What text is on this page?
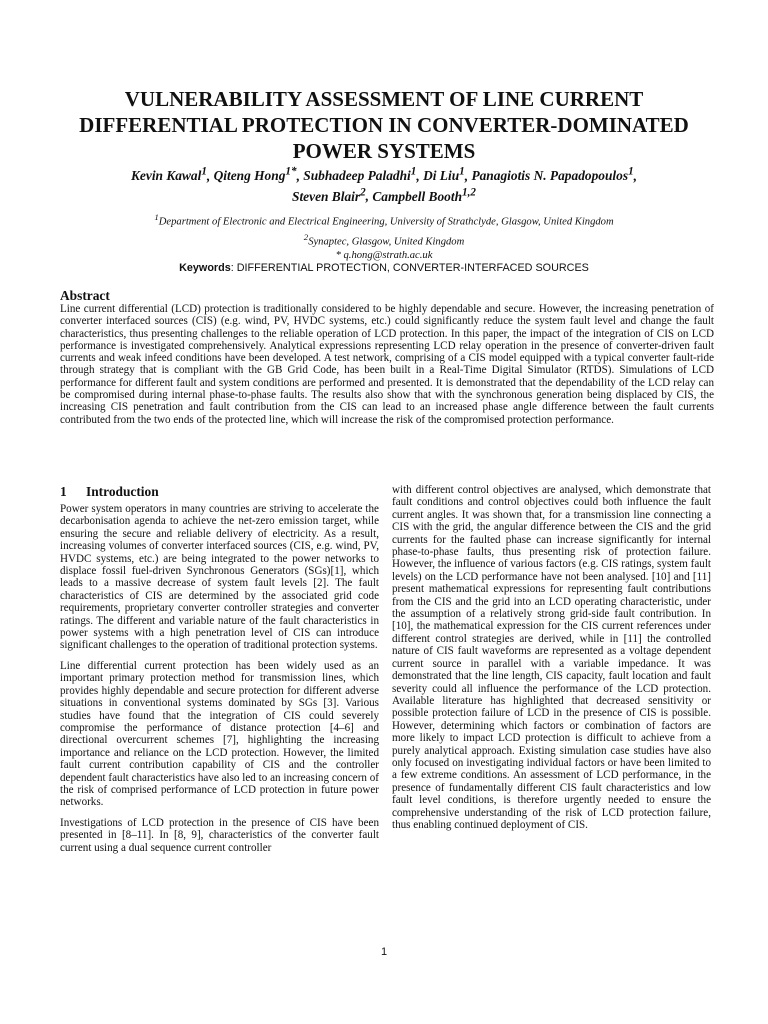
VULNERABILITY ASSESSMENT OF LINE CURRENT DIFFERENTIAL PROTECTION IN CONVERTER-DOMINATED POWER SYSTEMS
Kevin Kawal$^1$, Qiteng Hong$^{1*}$, Subhadeep Paladhi$^1$, Di Liu$^1$, Panagiotis N. Papadopoulos$^1$,
Steven Blair$^2$, Campbell Booth$^{1,2}$
$^1$Department of Electronic and Electrical Engineering, University of Strathclyde, Glasgow, United Kingdom
$^2$Synaptec, Glasgow, United Kingdom
* q.hong@strath.ac.uk
Keywords: DIFFERENTIAL PROTECTION, CONVERTER-INTERFACED SOURCES
Abstract
Line current differential (LCD) protection is traditionally considered to be highly dependable and secure. However, the increasing penetration of converter interfaced sources (CIS) (e.g. wind, PV, HVDC systems, etc.) could significantly reduce the system fault level and change the fault characteristics, thus presenting challenges to the reliable operation of LCD protection. In this paper, the impact of the integration of CIS on LCD performance is investigated comprehensively. Analytical expressions representing LCD relay operation in the presence of converter-driven fault currents and weak infeed conditions have been developed. A test network, comprising of a CIS model equipped with a typical converter fault-ride through strategy that is compliant with the GB Grid Code, has been built in a Real-Time Digital Simulator (RTDS). Simulations of LCD performance for different fault and system conditions are performed and presented. It is demonstrated that the dependability of the LCD relay can be compromised during internal phase-to-phase faults. The results also show that with the synchronous generation being displaced by CIS, the increasing CIS penetration and fault contribution from the CIS can lead to an increased phase angle difference between the fault currents contributed from the two ends of the protected line, which will increase the risk of the compromised protection performance.
1 Introduction

Power system operators in many countries are striving to accelerate the decarbonisation agenda to achieve the net-zero emission target, while ensuring the secure and reliable delivery of electricity. As a result, increasing volumes of converter interfaced sources (CIS, e.g. wind, PV, HVDC systems, etc.) are being integrated to the power networks to displace fossil fuel-driven Synchronous Generators (SGs)[1], which leads to a massive decrease of system fault levels [2]. The fault characteristics of CIS are determined by the associated grid code requirements, proprietary converter controller strategies and converter ratings. The different and variable nature of the fault characteristics in power systems with a high penetration level of CIS can introduce significant challenges to the operation of traditional protection systems.

Line differential current protection has been widely used as an important primary protection method for transmission lines, which provides highly dependable and secure protection for different adverse situations in conventional systems dominated by SGs [3]. Various studies have found that the integration of CIS could severely compromise the performance of distance protection [4–6] and directional overcurrent schemes [7], highlighting the increasing importance and reliance on the LCD protection. However, the limited fault current contribution capability of CIS and the controller dependent fault characteristics have also led to an increasing concern of the risk of comprised performance of LCD protection in future power networks.

Investigations of LCD protection in the presence of CIS have been presented in [8–11]. In [8, 9], characteristics of the converter fault current using a dual sequence current controller

with different control objectives are analysed, which demonstrate that fault conditions and control objectives could both influence the fault current angles. It was shown that, for a transmission line connecting a CIS with the grid, the angular difference between the CIS and the grid currents for the faulted phase can increase significantly for internal phase-to-phase faults, thus presenting risk of protection failure. However, the influence of various factors (e.g. CIS ratings, system fault levels) on the LCD performance have not been analysed. [10] and [11] present mathematical expressions for representing fault contributions from the CIS and the grid into an LCD operating characteristic, under the assumption of a relatively strong grid-side fault contribution. In [10], the mathematical expression for the CIS current references under different control strategies are derived, while in [11] the controlled nature of CIS fault waveforms are represented as a voltage dependent current source in parallel with a variable impedance. It was demonstrated that the line length, CIS capacity, fault location and fault severity could all influence the performance of the LCD protection. Available literature has highlighted that decreased sensitivity or possible protection failure of LCD in the presence of CIS is possible. However, determining which factors or combination of factors are more likely to impact LCD protection is difficult to achieve from a purely analytical approach. Existing simulation case studies have also only focused on investigating individual factors or have been limited to a few extreme conditions. An assessment of LCD performance, in the presence of fundamentally different CIS fault characteristics and low fault level conditions, is therefore urgently needed to ensure the comprehensive understanding of the risk of LCD protection failure, thus enabling continued deployment of CIS.

1
